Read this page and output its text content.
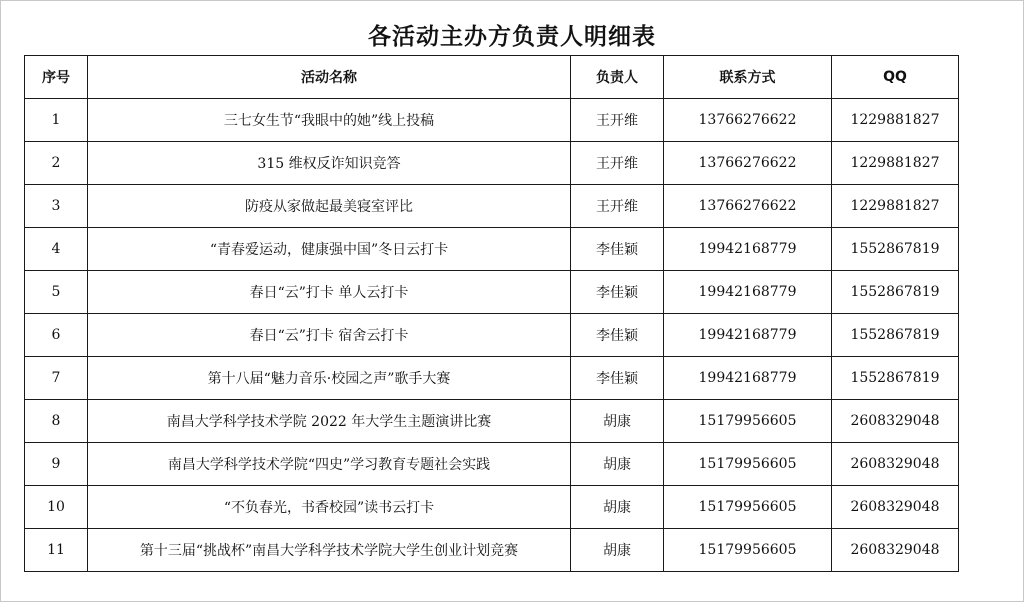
各活动主办方负责人明细表
序号	活动名称	负责人	联系方式	QQ
1	三七女生节“我眼中的她”线上投稿	王开维	13766276622	1229881827
2	315 维权反诈知识竞答	王开维	13766276622	1229881827
3	防疫从家做起最美寝室评比	王开维	13766276622	1229881827
4	“青春爱运动，健康强中国”冬日云打卡	李佳颖	19942168779	1552867819
5	春日“云”打卡 单人云打卡	李佳颖	19942168779	1552867819
6	春日“云”打卡 宿舍云打卡	李佳颖	19942168779	1552867819
7	第十八届“魅力音乐·校园之声”歌手大赛	李佳颖	19942168779	1552867819
8	南昌大学科学技术学院 2022 年大学生主题演讲比赛	胡康	15179956605	2608329048
9	南昌大学科学技术学院“四史”学习教育专题社会实践	胡康	15179956605	2608329048
10	“不负春光，书香校园”读书云打卡	胡康	15179956605	2608329048
11	第十三届“挑战杯”南昌大学科学技术学院大学生创业计划竞赛	胡康	15179956605	2608329048
